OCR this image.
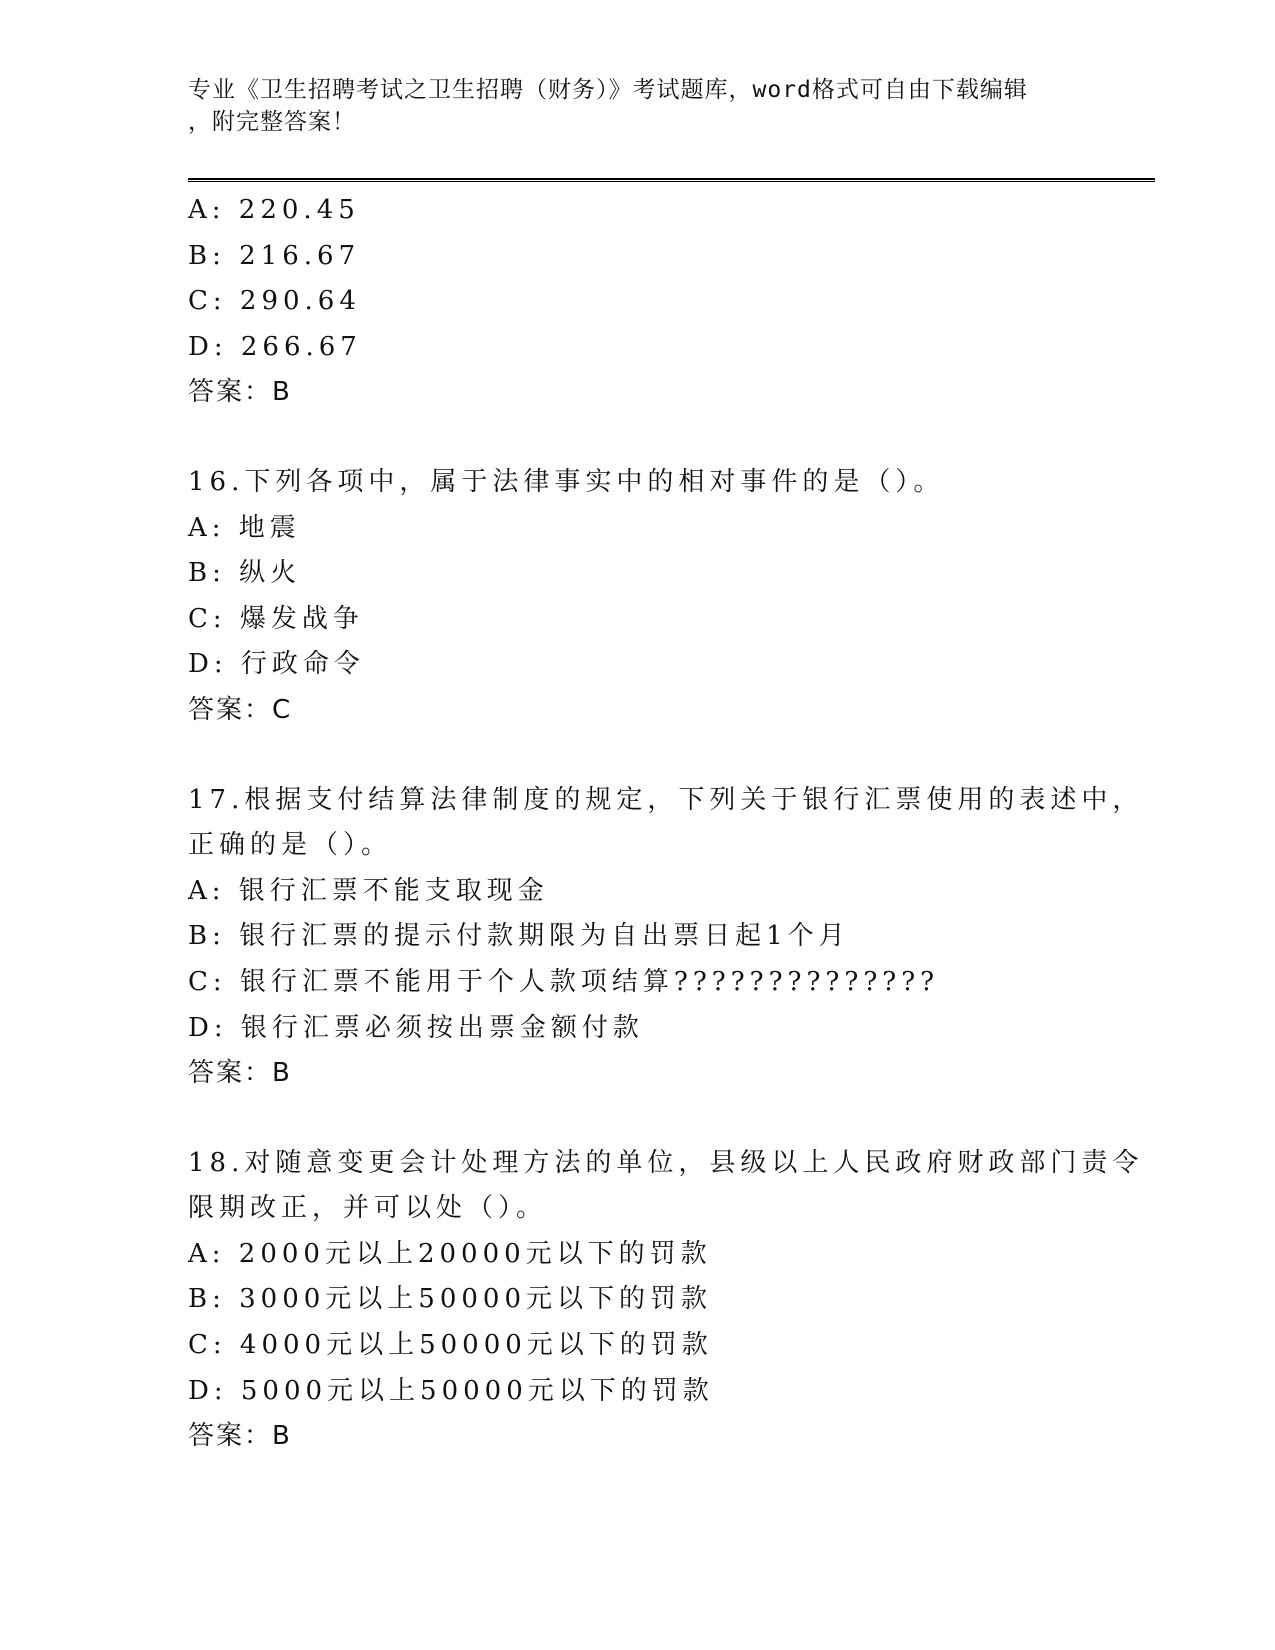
专业《卫生招聘考试之卫生招聘（财务）》考试题库，word格式可自由下载编辑
，附完整答案！
A: 220.45
B: 216.67
C: 290.64
D: 266.67
答案：B
16.下列各项中，属于法律事实中的相对事件的是（）。
A: 地震
B: 纵火
C: 爆发战争
D: 行政命令
答案：C
17.根据支付结算法律制度的规定，下列关于银行汇票使用的表述中，
正确的是（）。
A: 银行汇票不能支取现金
B: 银行汇票的提示付款期限为自出票日起1个月
C: 银行汇票不能用于个人款项结算??????????????
D: 银行汇票必须按出票金额付款
答案：B
18.对随意变更会计处理方法的单位，县级以上人民政府财政部门责令
限期改正，并可以处（）。
A: 2000元以上20000元以下的罚款
B: 3000元以上50000元以下的罚款
C: 4000元以上50000元以下的罚款
D: 5000元以上50000元以下的罚款
答案：B
